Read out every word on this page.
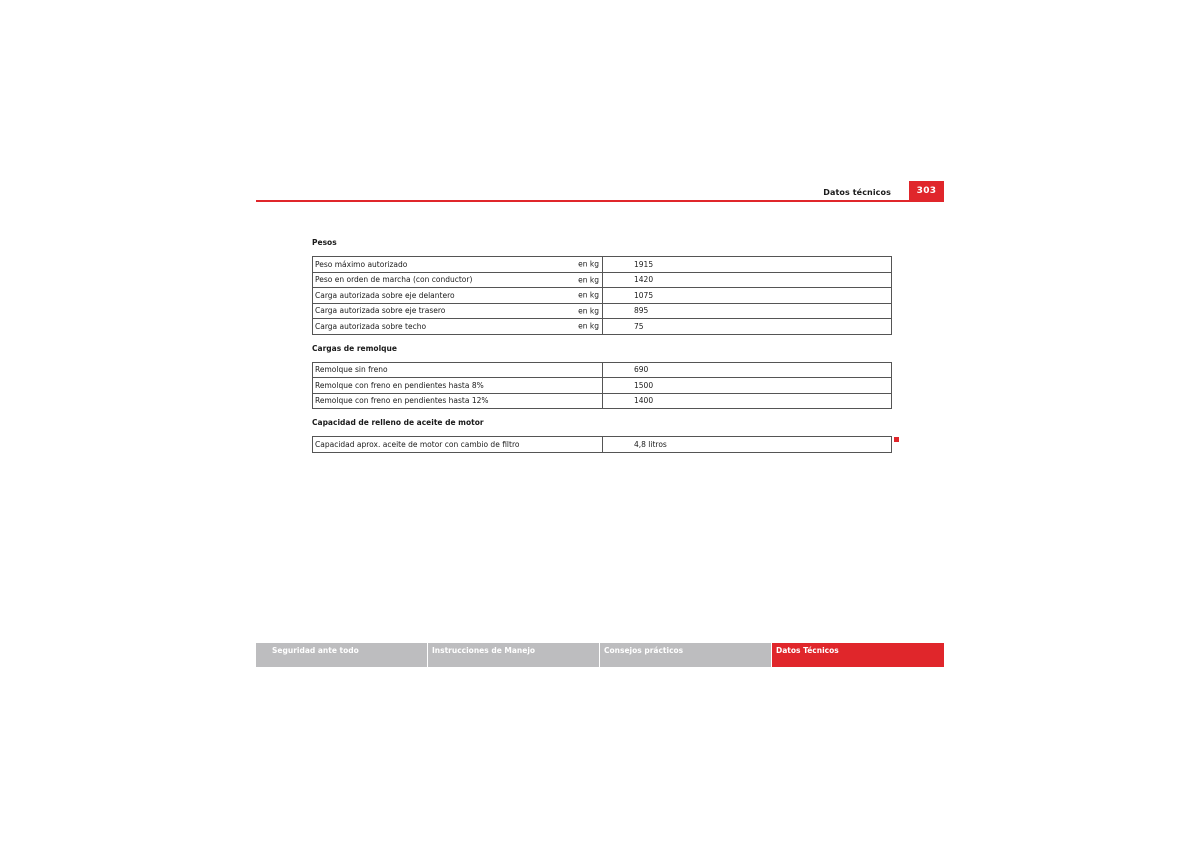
Datos técnicos	303
Pesos
Peso máximo autorizado en kg	1915
Peso en orden de marcha (con conductor) en kg	1420
Carga autorizada sobre eje delantero en kg	1075
Carga autorizada sobre eje trasero en kg	895
Carga autorizada sobre techo en kg	75
Cargas de remolque
Remolque sin freno	690
Remolque con freno en pendientes hasta 8%	1500
Remolque con freno en pendientes hasta 12%	1400
Capacidad de relleno de aceite de motor
Capacidad aprox. aceite de motor con cambio de filtro	4,8 litros
Seguridad ante todo	Instrucciones de Manejo	Consejos prácticos	Datos Técnicos
